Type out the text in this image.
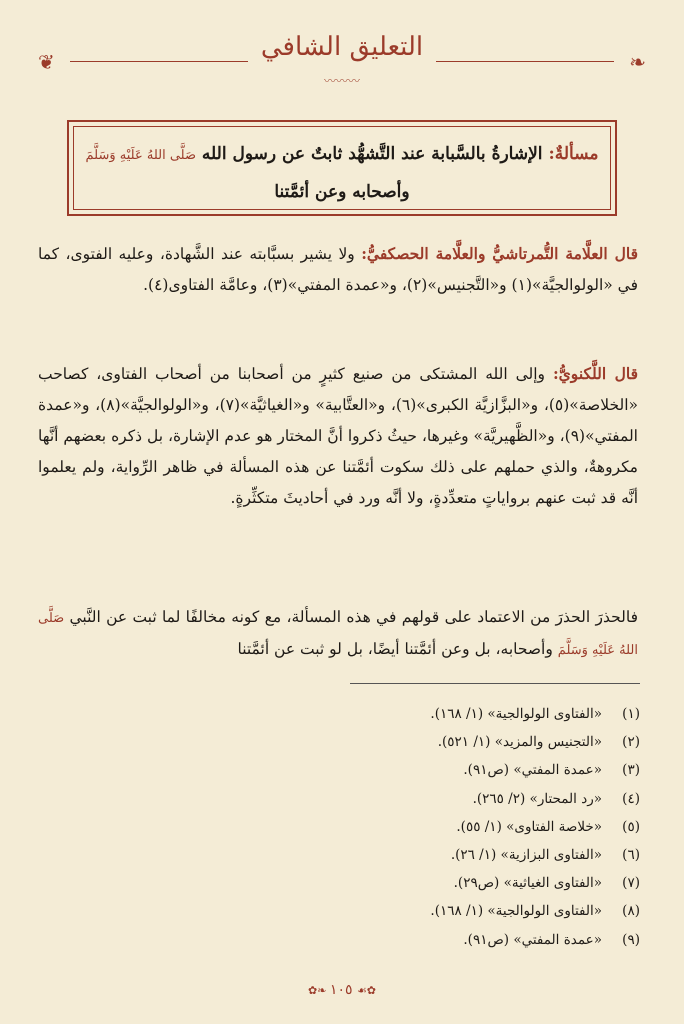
❦	التعليق الشافي
〰〰〰
❧
مسألةٌ: الإشارةُ بالسَّبابة عند التَّشهُّد ثابتٌ عن رسول الله صَلَّى اللهُ عَلَيْهِ وَسَلَّمَ
وأصحابه وعن أئمَّتنا
قال العلَّامة التُّمرتاشيُّ والعلَّامة الحصكفيُّ: ولا يشير بسبَّابته عند الشَّهادة، وعليه الفتوى، كما في «الولوالجيَّة»(١) و«التَّجنيس»(٢)، و«عمدة المفتي»(٣)، وعامَّة الفتاوى(٤).
قال اللَّكنويُّ: وإلى الله المشتكى من صنيع كثيرٍ من أصحابنا من أصحاب الفتاوى، كصاحب «الخلاصة»(٥)، و«البزَّازيَّة الكبرى»(٦)، و«العتَّابية» و«الغياثيَّة»(٧)، و«الولوالجيَّة»(٨)، و«عمدة المفتي»(٩)، و«الظَّهيريَّة» وغيرها، حيثُ ذكروا أنَّ المختار هو عدم الإشارة، بل ذكره بعضهم أنَّها مكروهةٌ، والذي حملهم على ذلك سكوت أئمَّتنا عن هذه المسألة في ظاهر الرِّواية، ولم يعلموا أنَّه قد ثبت عنهم برواياتٍ متعدِّدةٍ، ولا أنَّه ورد في أحاديثَ متكثِّرةٍ.
فالحذرَ الحذرَ من الاعتماد على قولهم في هذه المسألة، مع كونه مخالفًا لما ثبت عن النَّبي صَلَّى اللهُ عَلَيْهِ وَسَلَّمَ وأصحابه، بل وعن أئمَّتنا أيضًا، بل لو ثبت عن أئمَّتنا
(١)
«الفتاوى الولوالجية» (١/ ١٦٨).
(٢)
«التجنيس والمزيد» (١/ ٥٢١).
(٣)
«عمدة المفتي» (ص٩١).
(٤)
«رد المحتار» (٢/ ٢٦٥).
(٥)
«خلاصة الفتاوى» (١/ ٥٥).
(٦)
«الفتاوى البزازية» (١/ ٢٦).
(٧)
«الفتاوى الغياثية» (ص٢٩).
(٨)
«الفتاوى الولوالجية» (١/ ١٦٨).
(٩)
«عمدة المفتي» (ص٩١).
✿❧ ١٠٥ ☙✿
